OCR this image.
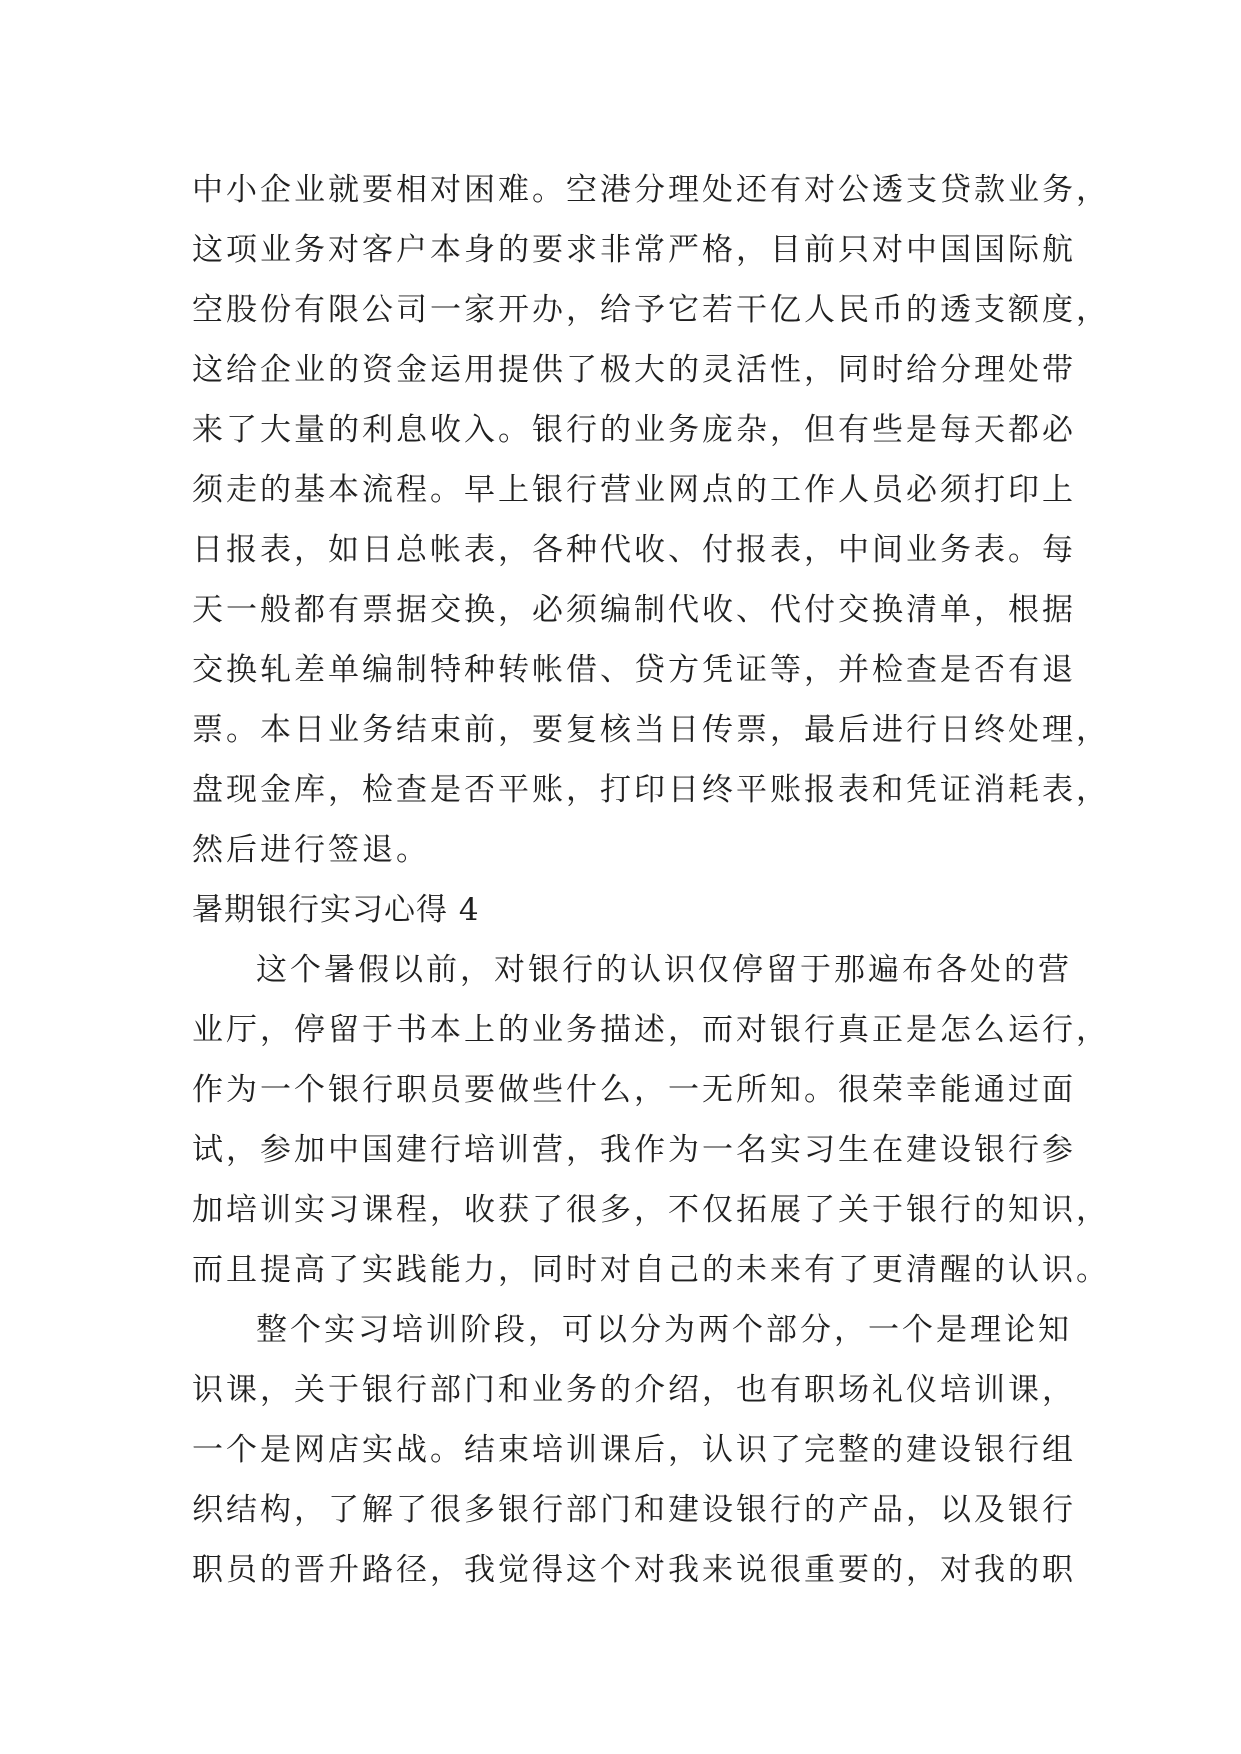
中小企业就要相对困难。空港分理处还有对公透支贷款业务，
这项业务对客户本身的要求非常严格，目前只对中国国际航
空股份有限公司一家开办，给予它若干亿人民币的透支额度，
这给企业的资金运用提供了极大的灵活性，同时给分理处带
来了大量的利息收入。银行的业务庞杂，但有些是每天都必
须走的基本流程。早上银行营业网点的工作人员必须打印上
日报表，如日总帐表，各种代收、付报表，中间业务表。每
天一般都有票据交换，必须编制代收、代付交换清单，根据
交换轧差单编制特种转帐借、贷方凭证等，并检查是否有退
票。本日业务结束前，要复核当日传票，最后进行日终处理，
盘现金库，检查是否平账，打印日终平账报表和凭证消耗表，
然后进行签退。
暑期银行实习心得 4
这个暑假以前，对银行的认识仅停留于那遍布各处的营
业厅，停留于书本上的业务描述，而对银行真正是怎么运行，
作为一个银行职员要做些什么，一无所知。很荣幸能通过面
试，参加中国建行培训营，我作为一名实习生在建设银行参
加培训实习课程，收获了很多，不仅拓展了关于银行的知识，
而且提高了实践能力，同时对自己的未来有了更清醒的认识。
整个实习培训阶段，可以分为两个部分，一个是理论知
识课，关于银行部门和业务的介绍，也有职场礼仪培训课，
一个是网店实战。结束培训课后，认识了完整的建设银行组
织结构，了解了很多银行部门和建设银行的产品，以及银行
职员的晋升路径，我觉得这个对我来说很重要的，对我的职
